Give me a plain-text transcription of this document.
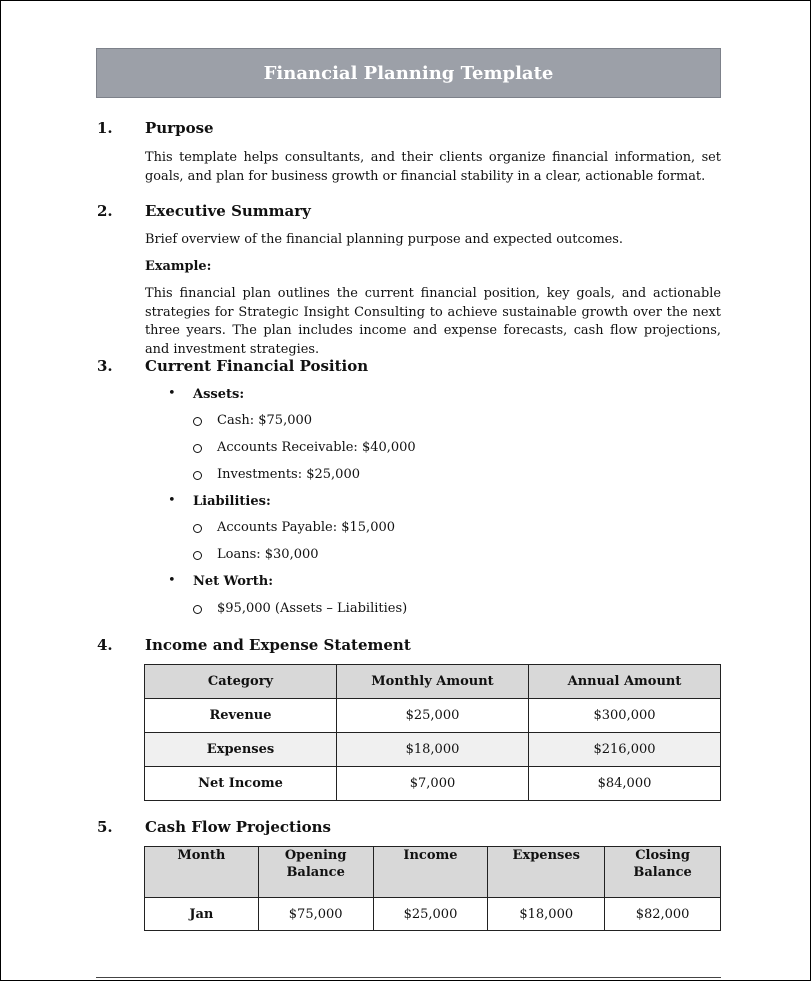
Financial Planning Template
1. Purpose
This template helps consultants, and their clients organize financial information, set goals, and plan for business growth or financial stability in a clear, actionable format.
2. Executive Summary
Brief overview of the financial planning purpose and expected outcomes.
Example:
This financial plan outlines the current financial position, key goals, and actionable strategies for Strategic Insight Consulting to achieve sustainable growth over the next three years. The plan includes income and expense forecasts, cash flow projections, and investment strategies.
3. Current Financial Position
• Assets:
Cash: $75,000
Accounts Receivable: $40,000
Investments: $25,000
• Liabilities:
Accounts Payable: $15,000
Loans: $30,000
• Net Worth:
$95,000 (Assets – Liabilities)
4. Income and Expense Statement
Category	Monthly Amount	Annual Amount
Revenue	$25,000	$300,000
Expenses	$18,000	$216,000
Net Income	$7,000	$84,000
5. Cash Flow Projections
Month	Opening Balance	Income	Expenses	Closing Balance

Jan	$75,000	$25,000	$18,000	$82,000
